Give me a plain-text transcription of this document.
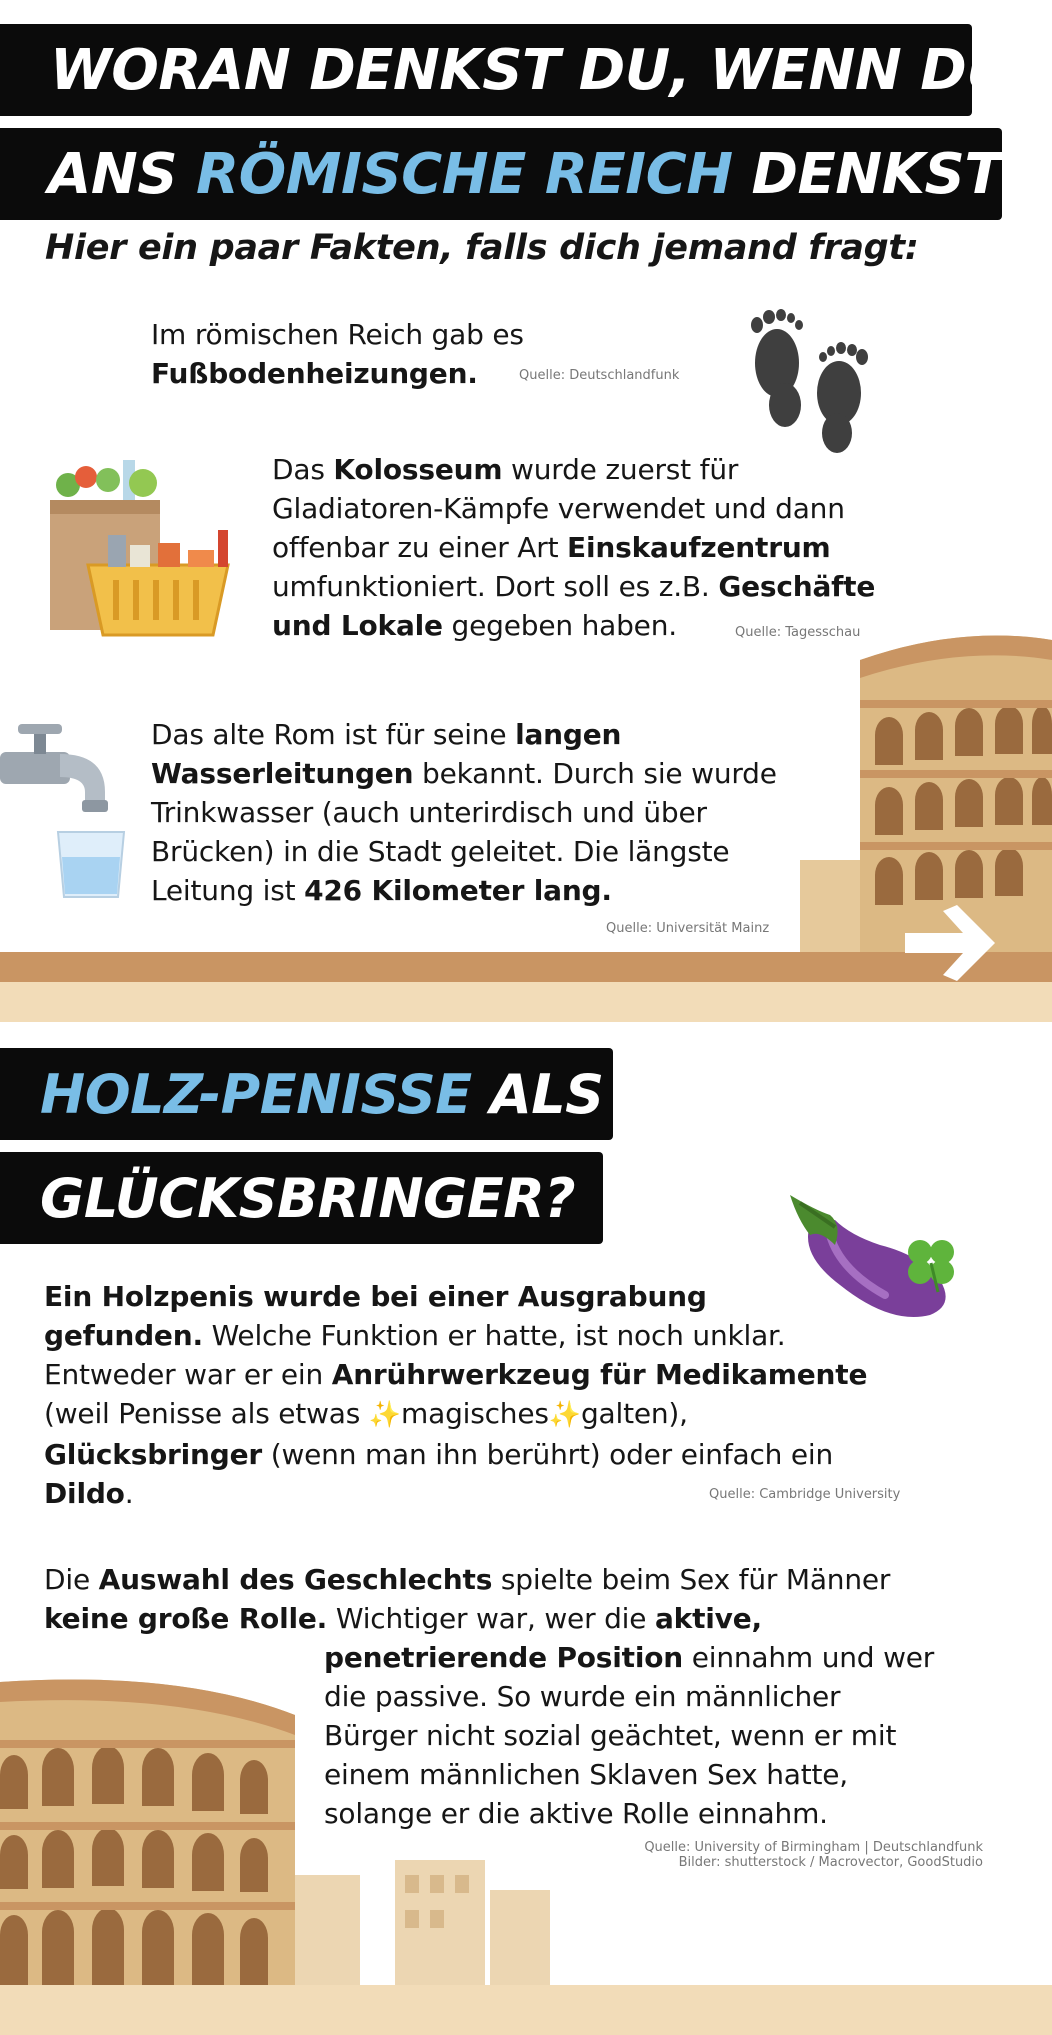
WORAN DENKST DU, WENN DU
ANS RÖMISCHE REICH DENKST?
Hier ein paar Fakten, falls dich jemand fragt:
Im römischen Reich gab es
Fußbodenheizungen.	Quelle: Deutschlandfunk
Das Kolosseum wurde zuerst für
Gladiatoren-Kämpfe verwendet und dann
offenbar zu einer Art Einskaufzentrum
umfunktioniert. Dort soll es z.B. Geschäfte
und Lokale gegeben haben.	Quelle: Tagesschau
Das alte Rom ist für seine langen
Wasserleitungen bekannt. Durch sie wurde
Trinkwasser (auch unterirdisch und über
Brücken) in die Stadt geleitet. Die längste
Leitung ist 426 Kilometer lang.
Quelle: Universität Mainz
HOLZ-PENISSE ALS
GLÜCKSBRINGER?
Ein Holzpenis wurde bei einer Ausgrabung
gefunden. Welche Funktion er hatte, ist noch unklar.
Entweder war er ein Anrührwerkzeug für Medikamente
(weil Penisse als etwas ✨magisches✨galten),
Glücksbringer (wenn man ihn berührt) oder einfach ein
Dildo.	Quelle: Cambridge University
Die Auswahl des Geschlechts spielte beim Sex für Männer
keine große Rolle. Wichtiger war, wer die aktive,
penetrierende Position einnahm und wer
die passive. So wurde ein männlicher
Bürger nicht sozial geächtet, wenn er mit
einem männlichen Sklaven Sex hatte,
solange er die aktive Rolle einnahm.
Quelle: University of Birmingham | Deutschlandfunk
Bilder: shutterstock / Macrovector, GoodStudio
